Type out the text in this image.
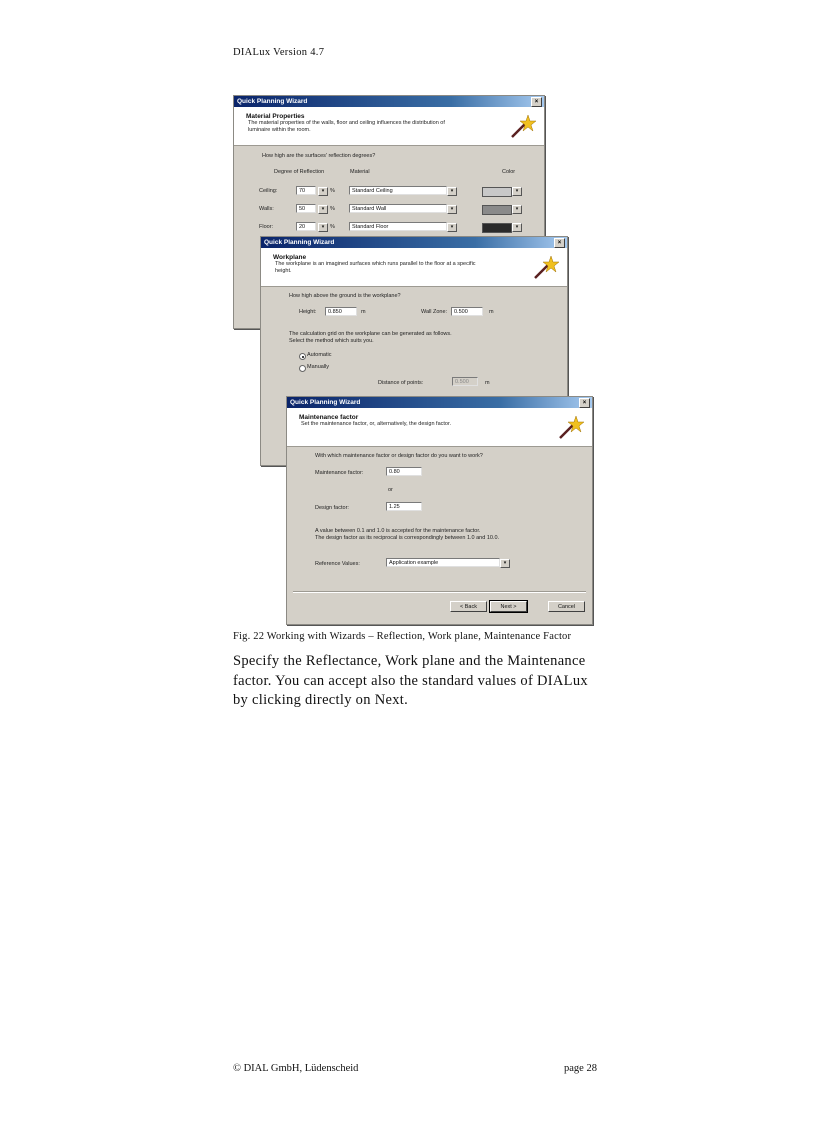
DIALux Version 4.7
Quick Planning Wizard	×
Material Properties
The material properties of the walls, floor and ceiling influences the distribution of
luminaire within the room.
How high are the surfaces' reflection degrees?
Degree of Reflection	Material	Color
Ceiling:	70	▾	%	Standard Ceiling	▾	▾
Walls:	50	▾	%	Standard Wall	▾	▾
Floor:	20	▾	%	Standard Floor	▾	▾
Quick Planning Wizard	×
Workplane
The workplane is an imagined surfaces which runs parallel to the floor at a specific
height.
How high above the ground is the workplane?
Height:	0.850	m	Wall Zone:	0.500	m
The calculation grid on the workplane can be generated as follows.
Select the method which suits you.
Automatic
Manually
Distance of points:	0.500	m
Quick Planning Wizard	×
Maintenance factor
Set the maintenance factor, or, alternatively, the design factor.
With which maintenance factor or design factor do you want to work?
Maintenance factor:	0.80
or
Design factor:	1.25
A value between 0.1 and 1.0 is accepted for the maintenance factor.
The design factor as its reciprocal is correspondingly between 1.0 and 10.0.
Reference Values:	Application example	▾
< Back	Next >	Cancel
Fig. 22 Working with Wizards – Reflection, Work plane, Maintenance Factor
Specify the Reflectance, Work plane and the Maintenance factor. You can accept also the standard values of DIALux by clicking directly on Next.
© DIAL GmbH, Lüdenscheid	page 28
